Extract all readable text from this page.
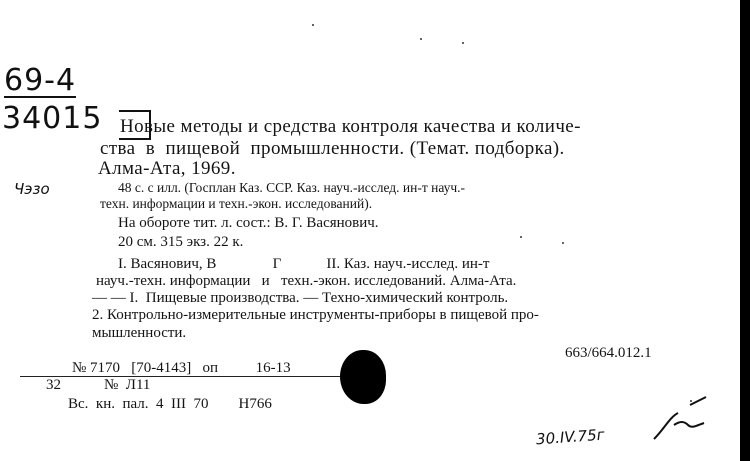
69-4
34015
Чэзо
Новые методы и средства контроля качества и количе-
ства  в  пищевой  промышленности. (Темат. подборка).
Алма-Ата, 1969.
48 с. с илл. (Госплан Каз. ССР. Каз. науч.-исслед. ин-т науч.-
техн. информации и техн.-экон. исследований).
На обороте тит. л. сост.: В. Г. Васянович.
20 см. 315 экз. 22 к.
I. Васянович, В               Г            II. Каз. науч.-исслед. ин-т
науч.-техн. информации   и   техн.-экон. исследований. Алма-Ата.
— — I.  Пищевые производства. — Техно-химический контроль.
2. Контрольно-измерительные инструменты-приборы в пищевой про-
мышленности.
663/664.012.1
№ 7170   [70-4143]   оп          16-13
32	№  Л11
Вс.  кн.  пал.  4  III  70        Н766
30.IV.75г
